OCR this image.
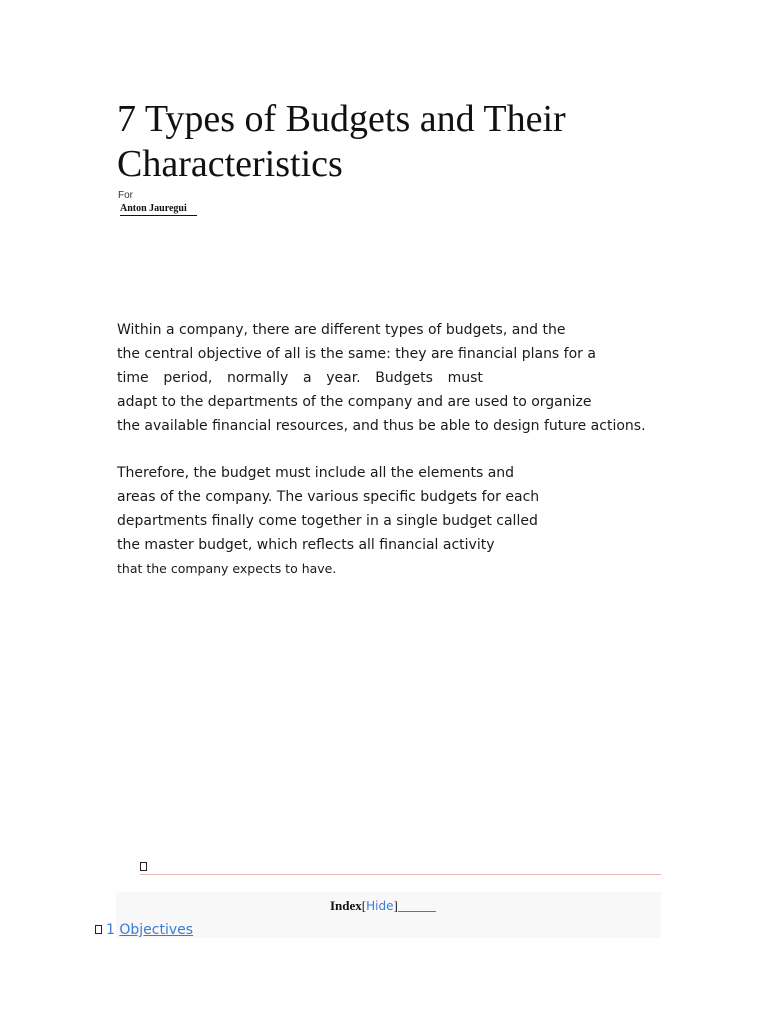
7 Types of Budgets and Their Characteristics
For
Anton Jauregui
Within a company, there are different types of budgets, and the
the central objective of all is the same: they are financial plans for a
time period, normally a year. Budgets must
adapt to the departments of the company and are used to organize
the available financial resources, and thus be able to design future actions.
Therefore, the budget must include all the elements and
areas of the company. The various specific budgets for each
departments finally come together in a single budget called
the master budget, which reflects all financial activity
that the company expects to have.
Index[Hide]
1 Objectives
